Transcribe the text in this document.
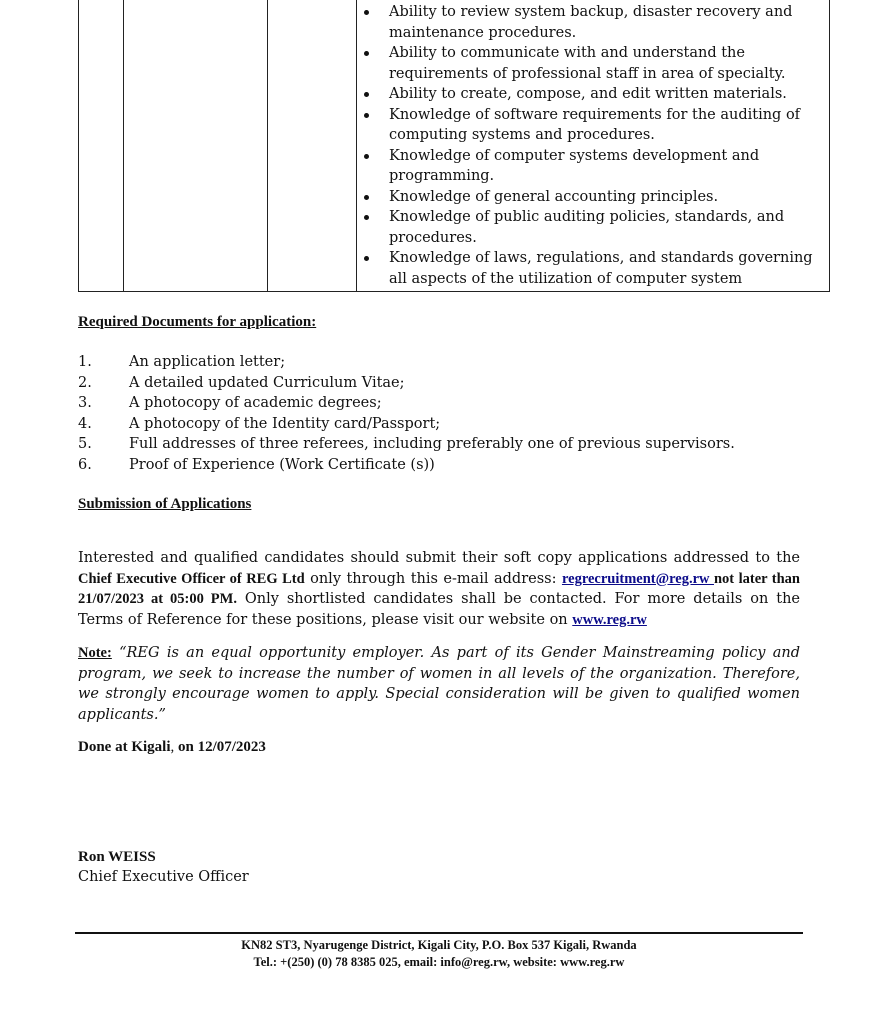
Ability to review system backup, disaster recovery and maintenance procedures.
Ability to communicate with and understand the requirements of professional staff in area of specialty.
Ability to create, compose, and edit written materials.
Knowledge of software requirements for the auditing of computing systems and procedures.
Knowledge of computer systems development and programming.
Knowledge of general accounting principles.
Knowledge of public auditing policies, standards, and procedures.
Knowledge of laws, regulations, and standards governing all aspects of the utilization of computer system
Required Documents for application:
1.	An application letter;
2.	A detailed updated Curriculum Vitae;
3.	A photocopy of academic degrees;
4.	A photocopy of the Identity card/Passport;
5.	Full addresses of three referees, including preferably one of previous supervisors.
6.	Proof of Experience (Work Certificate (s))
Submission of Applications

Interested and qualified candidates should submit their soft copy applications addressed to the Chief Executive Officer of REG Ltd only through this e-mail address: regrecruitment@reg.rw not later than 21/07/2023 at 05:00 PM. Only shortlisted candidates shall be contacted. For more details on the Terms of Reference for these positions, please visit our website on www.reg.rw

Note: “REG is an equal opportunity employer. As part of its Gender Mainstreaming policy and program, we seek to increase the number of women in all levels of the organization. Therefore, we strongly encourage women to apply. Special consideration will be given to qualified women applicants.”

Done at Kigali, on 12/07/2023
Ron WEISS
Chief Executive Officer
KN82 ST3, Nyarugenge District, Kigali City, P.O. Box 537 Kigali, Rwanda
Tel.: +(250) (0) 78 8385 025, email: info@reg.rw, website: www.reg.rw
